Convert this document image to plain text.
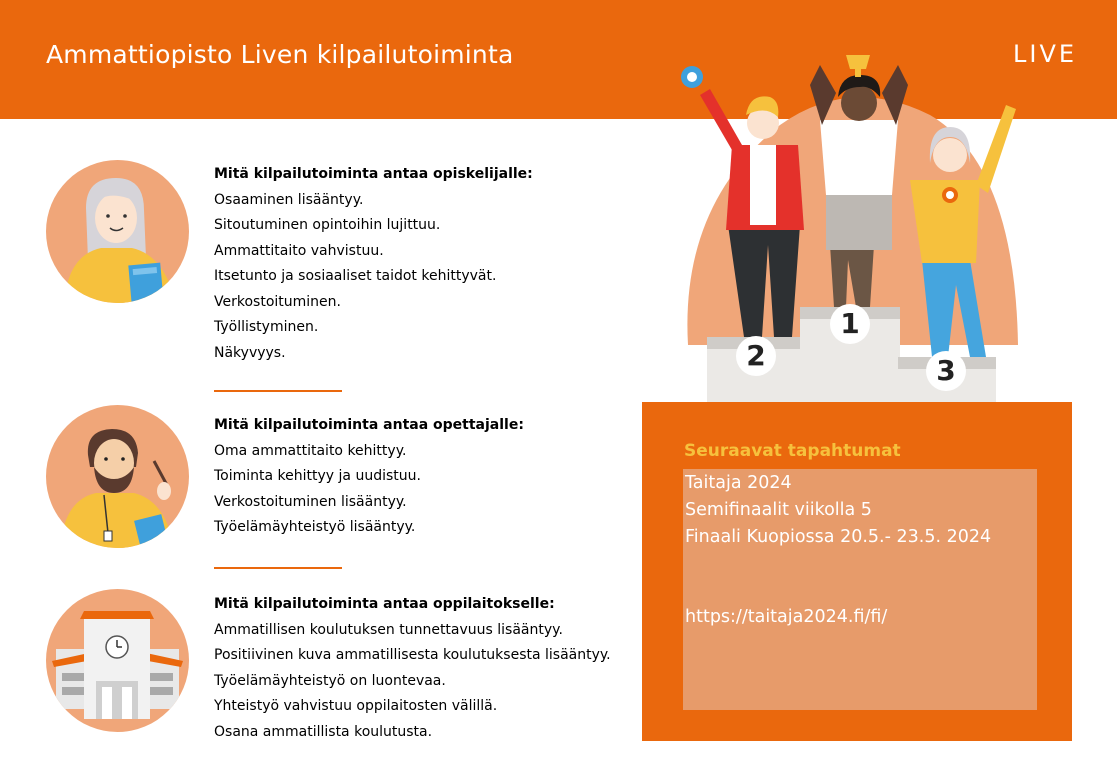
Ammattiopisto Liven kilpailutoiminta	LIVE
Mitä kilpailutoiminta antaa opiskelijalle:
Osaaminen lisääntyy.
Sitoutuminen opintoihin lujittuu.
Ammattitaito vahvistuu.
Itsetunto ja sosiaaliset taidot kehittyvät.
Verkostoituminen.
Työllistyminen.
Näkyvyys.
Mitä kilpailutoiminta antaa opettajalle:
Oma ammattitaito kehittyy.
Toiminta kehittyy ja uudistuu.
Verkostoituminen lisääntyy.
Työelämäyhteistyö lisääntyy.
Mitä kilpailutoiminta antaa oppilaitokselle:
Ammatillisen koulutuksen tunnettavuus lisääntyy.
Positiivinen kuva ammatillisesta koulutuksesta lisääntyy.
Työelämäyhteistyö on luontevaa.
Yhteistyö vahvistuu oppilaitosten välillä.
Osana ammatillista koulutusta.
2
1
3
Seuraavat tapahtumat
Taitaja 2024
Semifinaalit viikolla 5
Finaali Kuopiossa 20.5.- 23.5. 2024
https://taitaja2024.fi/fi/
